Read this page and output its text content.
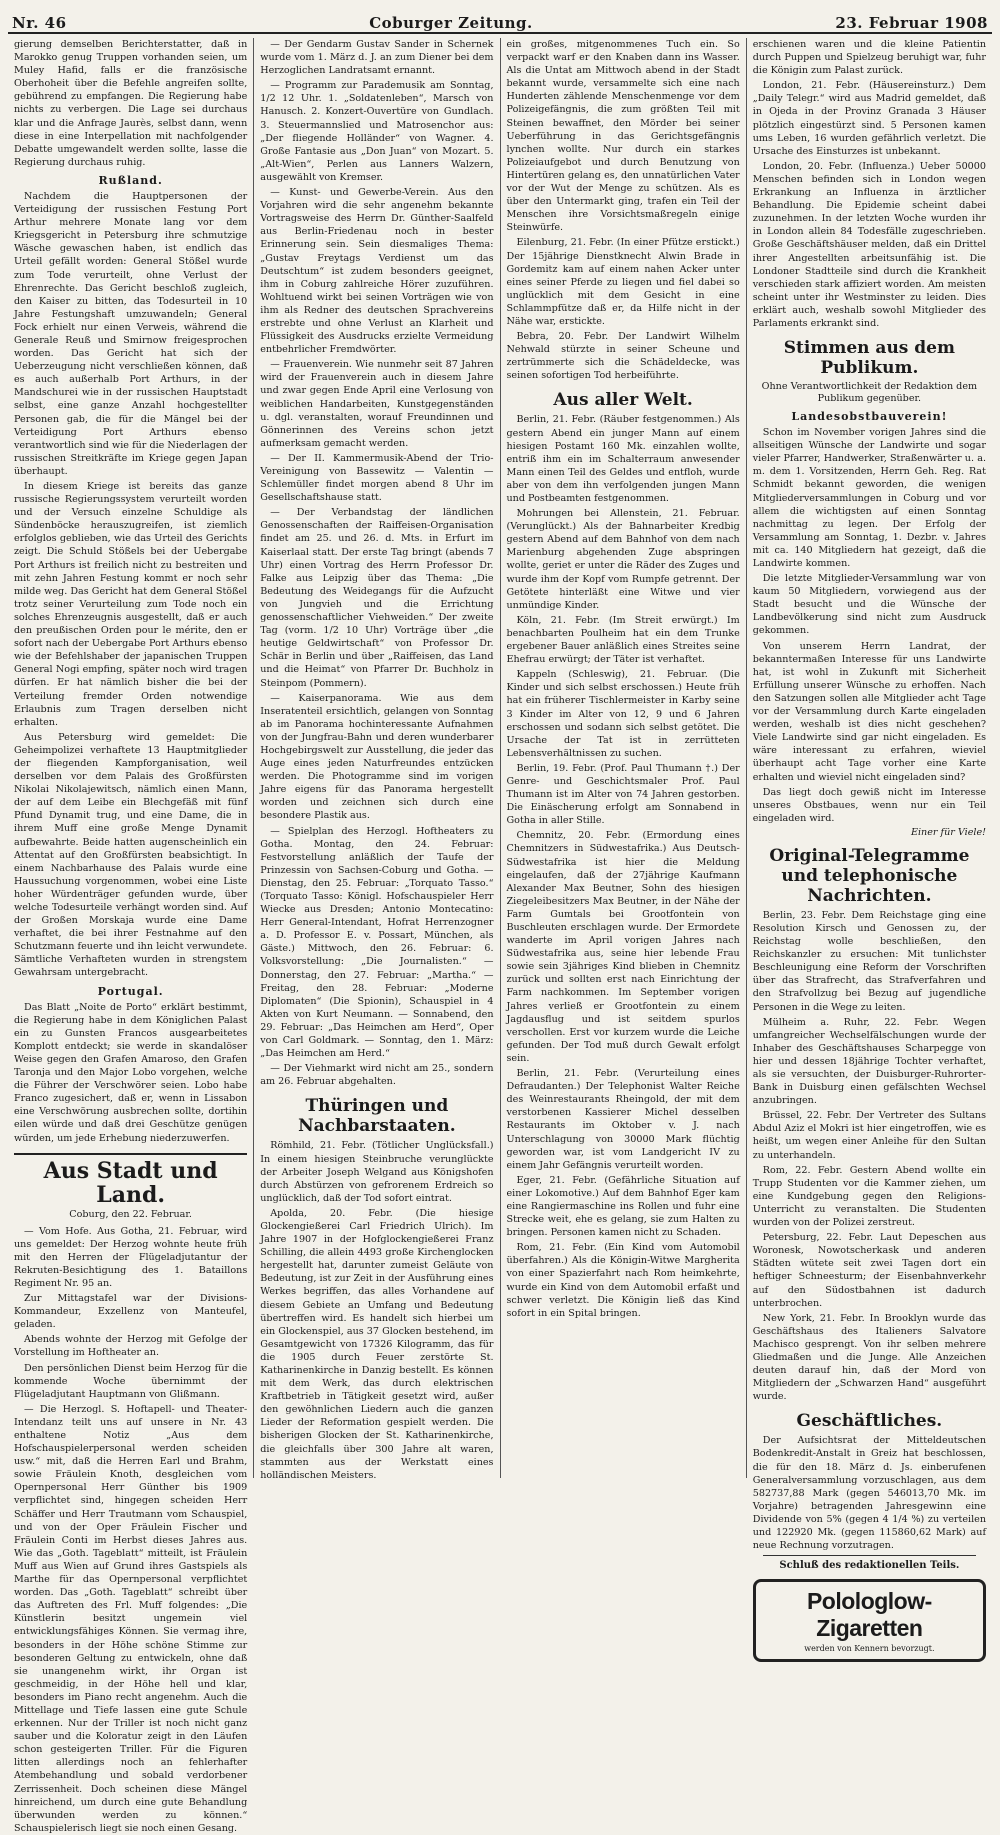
Nr. 46	Coburger Zeitung.	23. Februar 1908

gierung demselben Berichterstatter, daß in Marokko genug Truppen vorhanden seien, um Muley Hafid, falls er die französische Oberhoheit über die Befehle angreifen sollte, gebührend zu empfangen. Die Regierung habe nichts zu verbergen. Die Lage sei durchaus klar und die Anfrage Jaurès, selbst dann, wenn diese in eine Interpellation mit nachfolgender Debatte umgewandelt werden sollte, lasse die Regierung durchaus ruhig.

Rußland.

Nachdem die Hauptpersonen der Verteidigung der russischen Festung Port Arthur mehrere Monate lang vor dem Kriegsgericht in Petersburg ihre schmutzige Wäsche gewaschen haben, ist endlich das Urteil gefällt worden: General Stößel wurde zum Tode verurteilt, ohne Verlust der Ehrenrechte. Das Gericht beschloß zugleich, den Kaiser zu bitten, das Todesurteil in 10 Jahre Festungshaft umzuwandeln; General Fock erhielt nur einen Verweis, während die Generale Reuß und Smirnow freigesprochen worden. Das Gericht hat sich der Ueberzeugung nicht verschließen können, daß es auch außerhalb Port Arthurs, in der Mandschurei wie in der russischen Hauptstadt selbst, eine ganze Anzahl hochgestellter Personen gab, die für die Mängel bei der Verteidigung Port Arthurs ebenso verantwortlich sind wie für die Niederlagen der russischen Streitkräfte im Kriege gegen Japan überhaupt.

In diesem Kriege ist bereits das ganze russische Regierungssystem verurteilt worden und der Versuch einzelne Schuldige als Sündenböcke herauszugreifen, ist ziemlich erfolglos geblieben, wie das Urteil des Gerichts zeigt. Die Schuld Stößels bei der Uebergabe Port Arthurs ist freilich nicht zu bestreiten und mit zehn Jahren Festung kommt er noch sehr milde weg. Das Gericht hat dem General Stößel trotz seiner Verurteilung zum Tode noch ein solches Ehrenzeugnis ausgestellt, daß er auch den preußischen Orden pour le mérite, den er sofort nach der Uebergabe Port Arthurs ebenso wie der Befehlshaber der japanischen Truppen General Nogi empfing, später noch wird tragen dürfen. Er hat nämlich bisher die bei der Verteilung fremder Orden notwendige Erlaubnis zum Tragen derselben nicht erhalten.

Aus Petersburg wird gemeldet: Die Geheimpolizei verhaftete 13 Hauptmitglieder der fliegenden Kampforganisation, weil derselben vor dem Palais des Großfürsten Nikolai Nikolajewitsch, nämlich einen Mann, der auf dem Leibe ein Blechgefäß mit fünf Pfund Dynamit trug, und eine Dame, die in ihrem Muff eine große Menge Dynamit aufbewahrte. Beide hatten augenscheinlich ein Attentat auf den Großfürsten beabsichtigt. In einem Nachbarhause des Palais wurde eine Haussuchung vorgenommen, wobei eine Liste hoher Würdenträger gefunden wurde, über welche Todesurteile verhängt worden sind. Auf der Großen Morskaja wurde eine Dame verhaftet, die bei ihrer Festnahme auf den Schutzmann feuerte und ihn leicht verwundete. Sämtliche Verhafteten wurden in strengstem Gewahrsam untergebracht.

Portugal.

Das Blatt „Noite de Porto“ erklärt bestimmt, die Regierung habe in dem Königlichen Palast ein zu Gunsten Francos ausgearbeitetes Komplott entdeckt; sie werde in skandalöser Weise gegen den Grafen Amaroso, den Grafen Taronja und den Major Lobo vorgehen, welche die Führer der Verschwörer seien. Lobo habe Franco zugesichert, daß er, wenn in Lissabon eine Verschwörung ausbrechen sollte, dortihin eilen würde und daß drei Geschütze genügen würden, um jede Erhebung niederzuwerfen.

Aus Stadt und Land.
Coburg, den 22. Februar.

— Vom Hofe. Aus Gotha, 21. Februar, wird uns gemeldet: Der Herzog wohnte heute früh mit den Herren der Flügeladjutantur der Rekruten-Besichtigung des 1. Bataillons Regiment Nr. 95 an.

Zur Mittagstafel war der Divisions-Kommandeur, Exzellenz von Manteufel, geladen.

Abends wohnte der Herzog mit Gefolge der Vorstellung im Hoftheater an.

Den persönlichen Dienst beim Herzog für die kommende Woche übernimmt der Flügeladjutant Hauptmann von Glißmann.

— Die Herzogl. S. Hoftapell- und Theater-Intendanz teilt uns auf unsere in Nr. 43 enthaltene Notiz „Aus dem Hofschauspielerpersonal werden scheiden usw.“ mit, daß die Herren Earl und Brahm, sowie Fräulein Knoth, desgleichen vom Opernpersonal Herr Günther bis 1909 verpflichtet sind, hingegen scheiden Herr Schäffer und Herr Trautmann vom Schauspiel, und von der Oper Fräulein Fischer und Fräulein Conti im Herbst dieses Jahres aus. Wie das „Goth. Tageblatt“ mitteilt, ist Fräulein Muff aus Wien auf Grund ihres Gastspiels als Marthe für das Opernpersonal verpflichtet worden. Das „Goth. Tageblatt“ schreibt über das Auftreten des Frl. Muff folgendes: „Die Künstlerin besitzt ungemein viel entwicklungsfähiges Können. Sie vermag ihre, besonders in der Höhe schöne Stimme zur besonderen Geltung zu entwickeln, ohne daß sie unangenehm wirkt, ihr Organ ist geschmeidig, in der Höhe hell und klar, besonders im Piano recht angenehm. Auch die Mittellage und Tiefe lassen eine gute Schule erkennen. Nur der Triller ist noch nicht ganz sauber und die Koloratur zeigt in den Läufen schon gesteigerten Triller. Für die Figuren litten allerdings noch an fehlerhafter Atembehandlung und sobald verdorbener Zerrissenheit. Doch scheinen diese Mängel hinreichend, um durch eine gute Behandlung überwunden werden zu können.“ Schauspielerisch liegt sie noch einen Gesang.

— Der Gendarm Gustav Sander in Schernek wurde vom 1. März d. J. an zum Diener bei dem Herzoglichen Landratsamt ernannt.

— Programm zur Parademusik am Sonntag, 1/2 12 Uhr. 1. „Soldatenleben“, Marsch von Hanusch. 2. Konzert-Ouvertüre von Gundlach. 3. Steuermannslied und Matrosenchor aus: „Der fliegende Holländer“ von Wagner. 4. Große Fantasie aus „Don Juan“ von Mozart. 5. „Alt-Wien“, Perlen aus Lanners Walzern, ausgewählt von Kremser.

— Kunst- und Gewerbe-Verein. Aus den Vorjahren wird die sehr angenehm bekannte Vortragsweise des Herrn Dr. Günther-Saalfeld aus Berlin-Friedenau noch in bester Erinnerung sein. Sein diesmaliges Thema: „Gustav Freytags Verdienst um das Deutschtum“ ist zudem besonders geeignet, ihm in Coburg zahlreiche Hörer zuzuführen. Wohltuend wirkt bei seinen Vorträgen wie von ihm als Redner des deutschen Sprachvereins erstrebte und ohne Verlust an Klarheit und Flüssigkeit des Ausdrucks erzielte Vermeidung entbehrlicher Fremdwörter.

— Frauenverein. Wie nunmehr seit 87 Jahren wird der Frauenverein auch in diesem Jahre und zwar gegen Ende April eine Verlosung von weiblichen Handarbeiten, Kunstgegenständen u. dgl. veranstalten, worauf Freundinnen und Gönnerinnen des Vereins schon jetzt aufmerksam gemacht werden.

— Der II. Kammermusik-Abend der Trio-Vereinigung von Bassewitz — Valentin — Schlemüller findet morgen abend 8 Uhr im Gesellschaftshause statt.

— Der Verbandstag der ländlichen Genossenschaften der Raiffeisen-Organisation findet am 25. und 26. d. Mts. in Erfurt im Kaiserlaal statt. Der erste Tag bringt (abends 7 Uhr) einen Vortrag des Herrn Professor Dr. Falke aus Leipzig über das Thema: „Die Bedeutung des Weidegangs für die Aufzucht von Jungvieh und die Errichtung genossenschaftlicher Viehweiden.“ Der zweite Tag (vorm. 1/2 10 Uhr) Vorträge über „die heutige Geldwirtschaft“ von Professor Dr. Schär in Berlin und über „Raiffeisen, das Land und die Heimat“ von Pfarrer Dr. Buchholz in Steinpom (Pommern).

— Kaiserpanorama. Wie aus dem Inseratenteil ersichtlich, gelangen von Sonntag ab im Panorama hochinteressante Aufnahmen von der Jungfrau-Bahn und deren wunderbarer Hochgebirgswelt zur Ausstellung, die jeder das Auge eines jeden Naturfreundes entzücken werden. Die Photogramme sind im vorigen Jahre eigens für das Panorama hergestellt worden und zeichnen sich durch eine besondere Plastik aus.

— Spielplan des Herzogl. Hoftheaters zu Gotha. Montag, den 24. Februar: Festvorstellung anläßlich der Taufe der Prinzessin von Sachsen-Coburg und Gotha. — Dienstag, den 25. Februar: „Torquato Tasso.“ (Torquato Tasso: Königl. Hofschauspieler Herr Wiecke aus Dresden; Antonio Montecatino: Herr General-Intendant, Hofrat Herrenzogner a. D. Professor E. v. Possart, München, als Gäste.) Mittwoch, den 26. Februar: 6. Volksvorstellung: „Die Journalisten.“ — Donnerstag, den 27. Februar: „Martha.“ — Freitag, den 28. Februar: „Moderne Diplomaten“ (Die Spionin), Schauspiel in 4 Akten von Kurt Neumann. — Sonnabend, den 29. Februar: „Das Heimchen am Herd“, Oper von Carl Goldmark. — Sonntag, den 1. März: „Das Heimchen am Herd.“

— Der Viehmarkt wird nicht am 25., sondern am 26. Februar abgehalten.

Thüringen und Nachbarstaaten.

Römhild, 21. Febr. (Tötlicher Unglücksfall.) In einem hiesigen Steinbruche verunglückte der Arbeiter Joseph Welgand aus Königshofen durch Abstürzen von gefrorenem Erdreich so unglücklich, daß der Tod sofort eintrat.

Apolda, 20. Febr. (Die hiesige Glockengießerei Carl Friedrich Ulrich). Im Jahre 1907 in der Hofglockengießerei Franz Schilling, die allein 4493 große Kirchenglocken hergestellt hat, darunter zumeist Geläute von Bedeutung, ist zur Zeit in der Ausführung eines Werkes begriffen, das alles Vorhandene auf diesem Gebiete an Umfang und Bedeutung übertreffen wird. Es handelt sich hierbei um ein Glockenspiel, aus 37 Glocken bestehend, im Gesamtgewicht von 17326 Kilogramm, das für die 1905 durch Feuer zerstörte St. Katharinenkirche in Danzig bestellt. Es können mit dem Werk, das durch elektrischen Kraftbetrieb in Tätigkeit gesetzt wird, außer den gewöhnlichen Liedern auch die ganzen Lieder der Reformation gespielt werden. Die bisherigen Glocken der St. Katharinenkirche, die gleichfalls über 300 Jahre alt waren, stammten aus der Werkstatt eines holländischen Meisters.

ein großes, mitgenommenes Tuch ein. So verpackt warf er den Knaben dann ins Wasser. Als die Untat am Mittwoch abend in der Stadt bekannt wurde, versammelte sich eine nach Hunderten zählende Menschenmenge vor dem Polizeigefängnis, die zum größten Teil mit Steinen bewaffnet, den Mörder bei seiner Ueberführung in das Gerichtsgefängnis lynchen wollte. Nur durch ein starkes Polizeiaufgebot und durch Benutzung von Hintertüren gelang es, den unnatürlichen Vater vor der Wut der Menge zu schützen. Als es über den Untermarkt ging, trafen ein Teil der Menschen ihre Vorsichtsmaßregeln einige Steinwürfe.

Eilenburg, 21. Febr. (In einer Pfütze erstickt.) Der 15jährige Dienstknecht Alwin Brade in Gordemitz kam auf einem nahen Acker unter eines seiner Pferde zu liegen und fiel dabei so unglücklich mit dem Gesicht in eine Schlammpfütze daß er, da Hilfe nicht in der Nähe war, erstickte.

Bebra, 20. Febr. Der Landwirt Wilhelm Nehwald stürzte in seiner Scheune und zertrümmerte sich die Schädeldecke, was seinen sofortigen Tod herbeiführte.

Aus aller Welt.

Berlin, 21. Febr. (Räuber festgenommen.) Als gestern Abend ein junger Mann auf einem hiesigen Postamt 160 Mk. einzahlen wollte, entriß ihm ein im Schalterraum anwesender Mann einen Teil des Geldes und entfloh, wurde aber von dem ihn verfolgenden jungen Mann und Postbeamten festgenommen.

Mohrungen bei Allenstein, 21. Februar. (Verunglückt.) Als der Bahnarbeiter Kredbig gestern Abend auf dem Bahnhof von dem nach Marienburg abgehenden Zuge abspringen wollte, geriet er unter die Räder des Zuges und wurde ihm der Kopf vom Rumpfe getrennt. Der Getötete hinterläßt eine Witwe und vier unmündige Kinder.

Köln, 21. Febr. (Im Streit erwürgt.) Im benachbarten Poulheim hat ein dem Trunke ergebener Bauer anläßlich eines Streites seine Ehefrau erwürgt; der Täter ist verhaftet.

Kappeln (Schleswig), 21. Februar. (Die Kinder und sich selbst erschossen.) Heute früh hat ein früherer Tischlermeister in Karby seine 3 Kinder im Alter von 12, 9 und 6 Jahren erschossen und sodann sich selbst getötet. Die Ursache der Tat ist in zerrütteten Lebensverhältnissen zu suchen.

Berlin, 19. Febr. (Prof. Paul Thumann †.) Der Genre- und Geschichtsmaler Prof. Paul Thumann ist im Alter von 74 Jahren gestorben. Die Einäscherung erfolgt am Sonnabend in Gotha in aller Stille.

Chemnitz, 20. Febr. (Ermordung eines Chemnitzers in Südwestafrika.) Aus Deutsch-Südwestafrika ist hier die Meldung eingelaufen, daß der 27jährige Kaufmann Alexander Max Beutner, Sohn des hiesigen Ziegeleibesitzers Max Beutner, in der Nähe der Farm Gumtals bei Grootfontein von Buschleuten erschlagen wurde. Der Ermordete wanderte im April vorigen Jahres nach Südwestafrika aus, seine hier lebende Frau sowie sein 3jähriges Kind blieben in Chemnitz zurück und sollten erst nach Einrichtung der Farm nachkommen. Im September vorigen Jahres verließ er Grootfontein zu einem Jagdausflug und ist seitdem spurlos verschollen. Erst vor kurzem wurde die Leiche gefunden. Der Tod muß durch Gewalt erfolgt sein.

Berlin, 21. Febr. (Verurteilung eines Defraudanten.) Der Telephonist Walter Reiche des Weinrestaurants Rheingold, der mit dem verstorbenen Kassierer Michel desselben Restaurants im Oktober v. J. nach Unterschlagung von 30000 Mark flüchtig geworden war, ist vom Landgericht IV zu einem Jahr Gefängnis verurteilt worden.

Eger, 21. Febr. (Gefährliche Situation auf einer Lokomotive.) Auf dem Bahnhof Eger kam eine Rangiermaschine ins Rollen und fuhr eine Strecke weit, ehe es gelang, sie zum Halten zu bringen. Personen kamen nicht zu Schaden.

Rom, 21. Febr. (Ein Kind vom Automobil überfahren.) Als die Königin-Witwe Margherita von einer Spazierfahrt nach Rom heimkehrte, wurde ein Kind von dem Automobil erfaßt und schwer verletzt. Die Königin ließ das Kind sofort in ein Spital bringen.

erschienen waren und die kleine Patientin durch Puppen und Spielzeug beruhigt war, fuhr die Königin zum Palast zurück.

London, 21. Febr. (Häusereinsturz.) Dem „Daily Telegr.“ wird aus Madrid gemeldet, daß in Ojeda in der Provinz Granada 3 Häuser plötzlich eingestürzt sind. 5 Personen kamen ums Leben, 16 wurden gefährlich verletzt. Die Ursache des Einsturzes ist unbekannt.

London, 20. Febr. (Influenza.) Ueber 50000 Menschen befinden sich in London wegen Erkrankung an Influenza in ärztlicher Behandlung. Die Epidemie scheint dabei zuzunehmen. In der letzten Woche wurden ihr in London allein 84 Todesfälle zugeschrieben. Große Geschäftshäuser melden, daß ein Drittel ihrer Angestellten arbeitsunfähig ist. Die Londoner Stadtteile sind durch die Krankheit verschieden stark affiziert worden. Am meisten scheint unter ihr Westminster zu leiden. Dies erklärt auch, weshalb sowohl Mitglieder des Parlaments erkrankt sind.

Stimmen aus dem Publikum.
Ohne Verantwortlichkeit der Redaktion dem Publikum gegenüber.
Landesobstbauverein!

Schon im November vorigen Jahres sind die allseitigen Wünsche der Landwirte und sogar vieler Pfarrer, Handwerker, Straßenwärter u. a. m. dem 1. Vorsitzenden, Herrn Geh. Reg. Rat Schmidt bekannt geworden, die wenigen Mitgliederversammlungen in Coburg und vor allem die wichtigsten auf einen Sonntag nachmittag zu legen. Der Erfolg der Versammlung am Sonntag, 1. Dezbr. v. Jahres mit ca. 140 Mitgliedern hat gezeigt, daß die Landwirte kommen.

Die letzte Mitglieder-Versammlung war von kaum 50 Mitgliedern, vorwiegend aus der Stadt besucht und die Wünsche der Landbevölkerung sind nicht zum Ausdruck gekommen.

Von unserem Herrn Landrat, der bekanntermaßen Interesse für uns Landwirte hat, ist wohl in Zukunft mit Sicherheit Erfüllung unserer Wünsche zu erhoffen. Nach den Satzungen sollen alle Mitglieder acht Tage vor der Versammlung durch Karte eingeladen werden, weshalb ist dies nicht geschehen? Viele Landwirte sind gar nicht eingeladen. Es wäre interessant zu erfahren, wieviel überhaupt acht Tage vorher eine Karte erhalten und wieviel nicht eingeladen sind?

Das liegt doch gewiß nicht im Interesse unseres Obstbaues, wenn nur ein Teil eingeladen wird.

Einer für Viele!
Original-Telegramme und telephonische Nachrichten.

Berlin, 23. Febr. Dem Reichstage ging eine Resolution Kirsch und Genossen zu, der Reichstag wolle beschließen, den Reichskanzler zu ersuchen: Mit tunlichster Beschleunigung eine Reform der Vorschriften über das Strafrecht, das Strafverfahren und den Strafvollzug bei Bezug auf jugendliche Personen in die Wege zu leiten.

Mülheim a. Ruhr, 22. Febr. Wegen umfangreicher Wechselfälschungen wurde der Inhaber des Geschäftshauses Scharpegge von hier und dessen 18jährige Tochter verhaftet, als sie versuchten, der Duisburger-Ruhrorter-Bank in Duisburg einen gefälschten Wechsel anzubringen.

Brüssel, 22. Febr. Der Vertreter des Sultans Abdul Aziz el Mokri ist hier eingetroffen, wie es heißt, um wegen einer Anleihe für den Sultan zu unterhandeln.

Rom, 22. Febr. Gestern Abend wollte ein Trupp Studenten vor die Kammer ziehen, um eine Kundgebung gegen den Religions-Unterricht zu veranstalten. Die Studenten wurden von der Polizei zerstreut.

Petersburg, 22. Febr. Laut Depeschen aus Woronesk, Nowotscherkask und anderen Städten wütete seit zwei Tagen dort ein heftiger Schneesturm; der Eisenbahnverkehr auf den Südostbahnen ist dadurch unterbrochen.

New York, 21. Febr. In Brooklyn wurde das Geschäftshaus des Italieners Salvatore Machisco gesprengt. Von ihr selben mehrere Gliedmaßen und die Junge. Alle Anzeichen deuten darauf hin, daß der Mord von Mitgliedern der „Schwarzen Hand“ ausgeführt wurde.

Geschäftliches.

Der Aufsichtsrat der Mitteldeutschen Bodenkredit-Anstalt in Greiz hat beschlossen, die für den 18. März d. Js. einberufenen Generalversammlung vorzuschlagen, aus dem 582737,88 Mark (gegen 546013,70 Mk. im Vorjahre) betragenden Jahresgewinn eine Dividende von 5% (gegen 4 1/4 %) zu verteilen und 122920 Mk. (gegen 115860,62 Mark) auf neue Rechnung vorzutragen.

Schluß des redaktionellen Teils.
Polologlow-Zigaretten
werden von Kennern bevorzugt.
